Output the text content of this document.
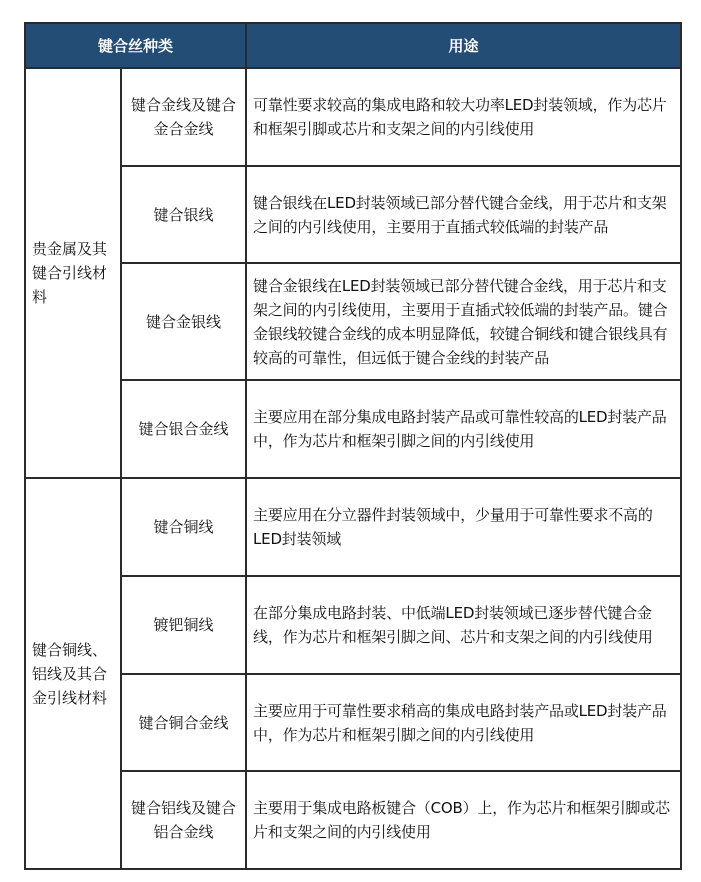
键合丝种类		用途
贵金属及其键合引线材料	键合金线及键合金合金线	可靠性要求较高的集成电路和较大功率LED封装领域，作为芯片和框架引脚或芯片和支架之间的内引线使用
	键合银线	键合银线在LED封装领域已部分替代键合金线，用于芯片和支架之间的内引线使用，主要用于直插式较低端的封装产品
	键合金银线	键合金银线在LED封装领域已部分替代键合金线，用于芯片和支架之间的内引线使用，主要用于直插式较低端的封装产品。键合金银线较键合金线的成本明显降低，较键合铜线和键合银线具有较高的可靠性，但远低于键合金线的封装产品
	键合银合金线	主要应用在部分集成电路封装产品或可靠性较高的LED封装产品中，作为芯片和框架引脚之间的内引线使用
键合铜线、铝线及其合金引线材料	键合铜线	主要应用在分立器件封装领域中，少量用于可靠性要求不高的LED封装领域
	镀钯铜线	在部分集成电路封装、中低端LED封装领域已逐步替代键合金线，作为芯片和框架引脚之间、芯片和支架之间的内引线使用
	键合铜合金线	主要应用于可靠性要求稍高的集成电路封装产品或LED封装产品中，作为芯片和框架引脚之间的内引线使用
	键合铝线及键合铝合金线	主要用于集成电路板键合（COB）上，作为芯片和框架引脚或芯片和支架之间的内引线使用
